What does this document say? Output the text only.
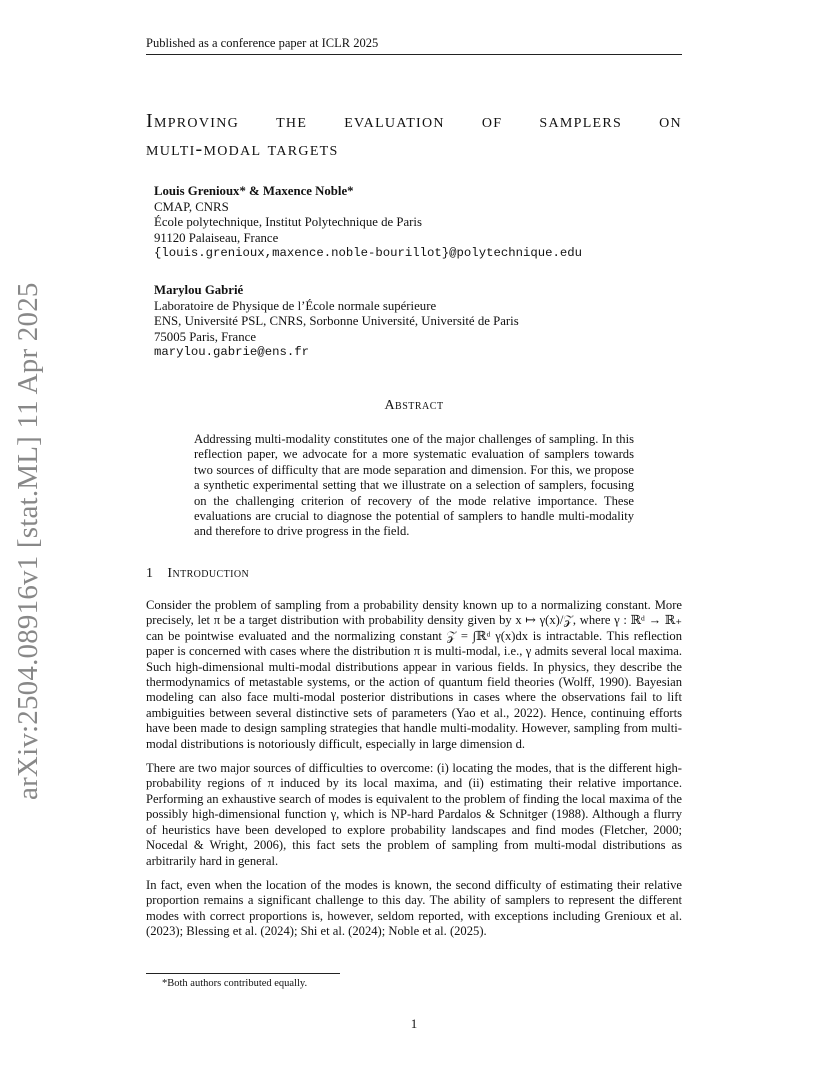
Published as a conference paper at ICLR 2025
arXiv:2504.08916v1 [stat.ML] 11 Apr 2025
Improving the evaluation of samplers on
multi-modal targets
Louis Grenioux* & Maxence Noble*
CMAP, CNRS
École polytechnique, Institut Polytechnique de Paris
91120 Palaiseau, France
{louis.grenioux,maxence.noble-bourillot}@polytechnique.edu
Marylou Gabrié
Laboratoire de Physique de l’École normale supérieure
ENS, Université PSL, CNRS, Sorbonne Université, Université de Paris
75005 Paris, France
marylou.gabrie@ens.fr
Abstract
Addressing multi-modality constitutes one of the major challenges of sampling. In this reflection paper, we advocate for a more systematic evaluation of samplers towards two sources of difficulty that are mode separation and dimension. For this, we propose a synthetic experimental setting that we illustrate on a selection of samplers, focusing on the challenging criterion of recovery of the mode relative importance. These evaluations are crucial to diagnose the potential of samplers to handle multi-modality and therefore to drive progress in the field.
1 Introduction

Consider the problem of sampling from a probability density known up to a normalizing constant. More precisely, let π be a target distribution with probability density given by x ↦ γ(x)/𝒵, where γ : ℝᵈ → ℝ₊ can be pointwise evaluated and the normalizing constant 𝒵 = ∫ℝᵈ γ(x)dx is intractable. This reflection paper is concerned with cases where the distribution π is multi-modal, i.e., γ admits several local maxima. Such high-dimensional multi-modal distributions appear in various fields. In physics, they describe the thermodynamics of metastable systems, or the action of quantum field theories (Wolff, 1990). Bayesian modeling can also face multi-modal posterior distributions in cases where the observations fail to lift ambiguities between several distinctive sets of parameters (Yao et al., 2022). Hence, continuing efforts have been made to design sampling strategies that handle multi-modality. However, sampling from multi-modal distributions is notoriously difficult, especially in large dimension d.

There are two major sources of difficulties to overcome: (i) locating the modes, that is the different high-probability regions of π induced by its local maxima, and (ii) estimating their relative importance. Performing an exhaustive search of modes is equivalent to the problem of finding the local maxima of the possibly high-dimensional function γ, which is NP-hard Pardalos & Schnitger (1988). Although a flurry of heuristics have been developed to explore probability landscapes and find modes (Fletcher, 2000; Nocedal & Wright, 2006), this fact sets the problem of sampling from multi-modal distributions as arbitrarily hard in general.

In fact, even when the location of the modes is known, the second difficulty of estimating their relative proportion remains a significant challenge to this day. The ability of samplers to represent the different modes with correct proportions is, however, seldom reported, with exceptions including Grenioux et al. (2023); Blessing et al. (2024); Shi et al. (2024); Noble et al. (2025).

*Both authors contributed equally.
1
